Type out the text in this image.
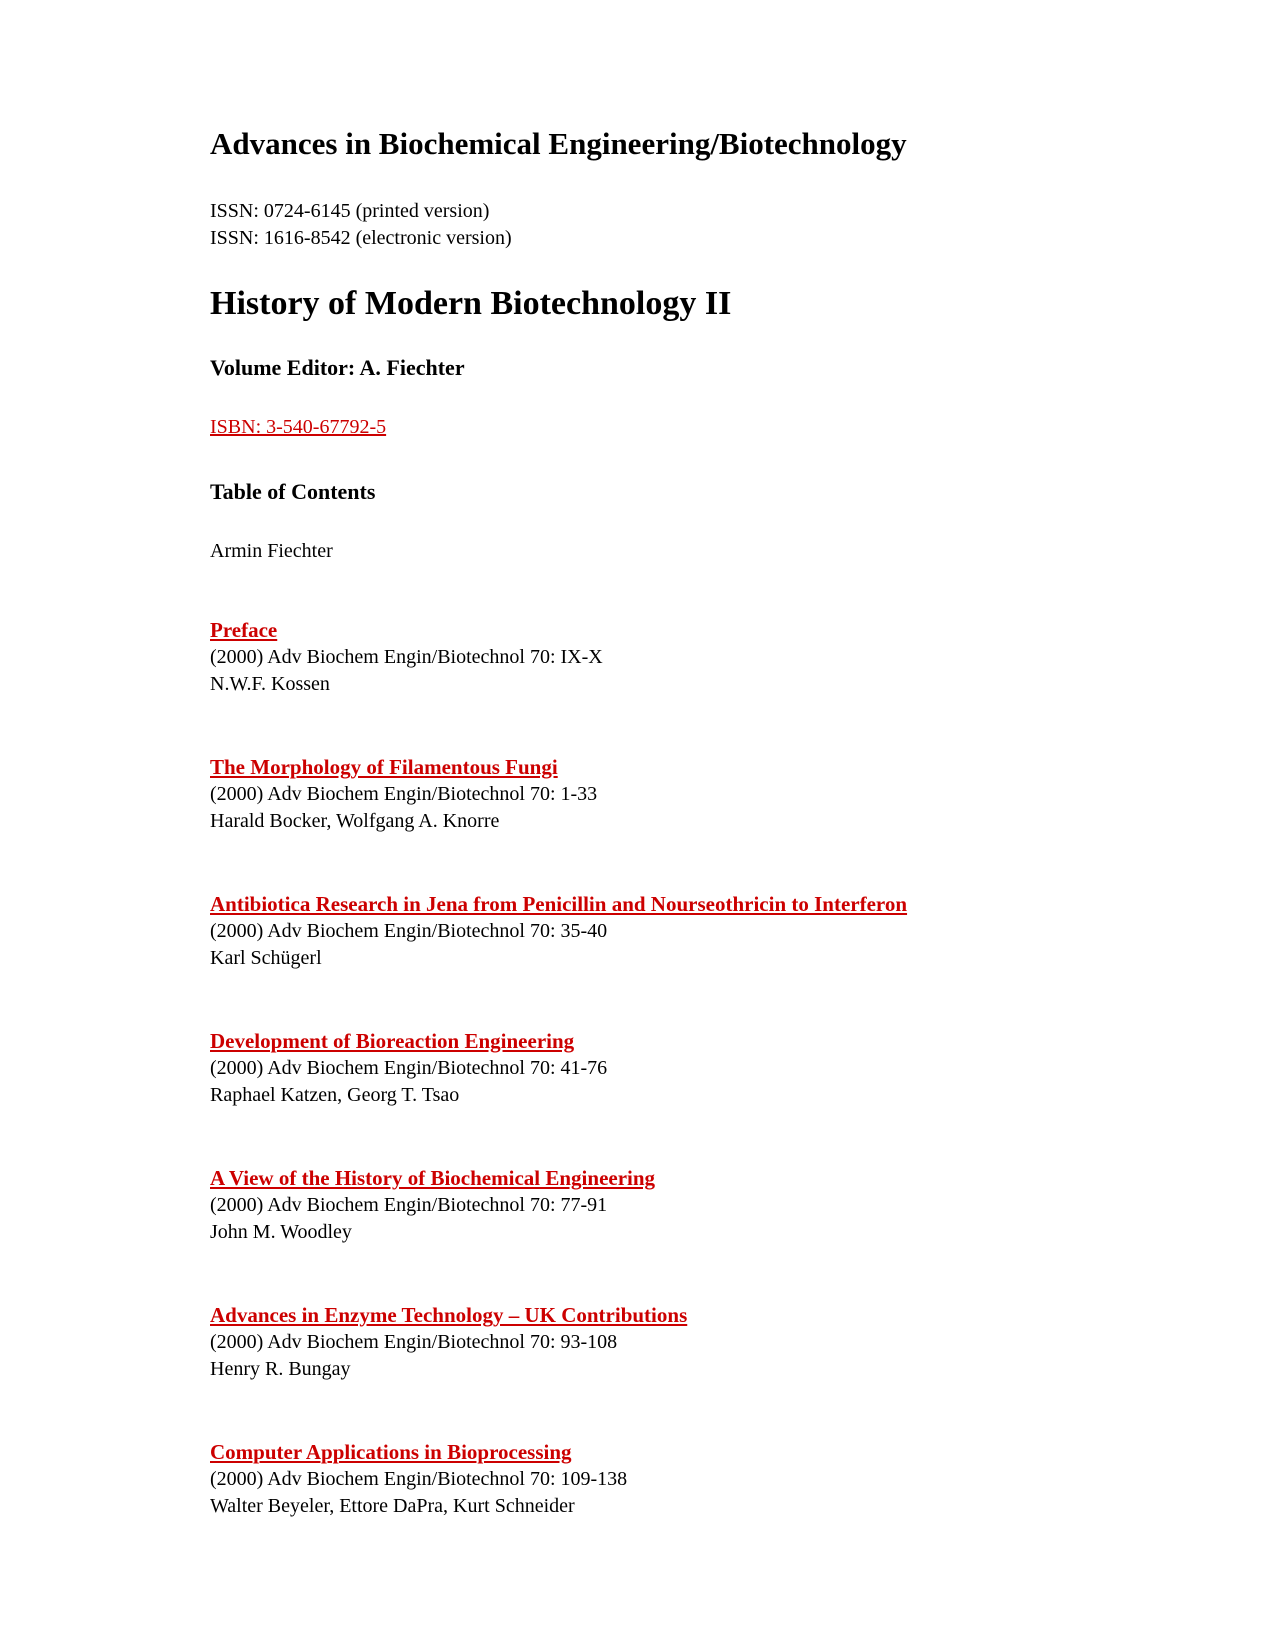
Advances in Biochemical Engineering/Biotechnology
ISSN: 0724-6145 (printed version)
ISSN: 1616-8542 (electronic version)
History of Modern Biotechnology II
Volume Editor: A. Fiechter
ISBN: 3-540-67792-5
Table of Contents
Armin Fiechter
Preface
(2000) Adv Biochem Engin/Biotechnol 70: IX-X
N.W.F. Kossen
The Morphology of Filamentous Fungi
(2000) Adv Biochem Engin/Biotechnol 70: 1-33
Harald Bocker, Wolfgang A. Knorre
Antibiotica Research in Jena from Penicillin and Nourseothricin to Interferon
(2000) Adv Biochem Engin/Biotechnol 70: 35-40
Karl Schügerl
Development of Bioreaction Engineering
(2000) Adv Biochem Engin/Biotechnol 70: 41-76
Raphael Katzen, Georg T. Tsao
A View of the History of Biochemical Engineering
(2000) Adv Biochem Engin/Biotechnol 70: 77-91
John M. Woodley
Advances in Enzyme Technology – UK Contributions
(2000) Adv Biochem Engin/Biotechnol 70: 93-108
Henry R. Bungay
Computer Applications in Bioprocessing
(2000) Adv Biochem Engin/Biotechnol 70: 109-138
Walter Beyeler, Ettore DaPra, Kurt Schneider
